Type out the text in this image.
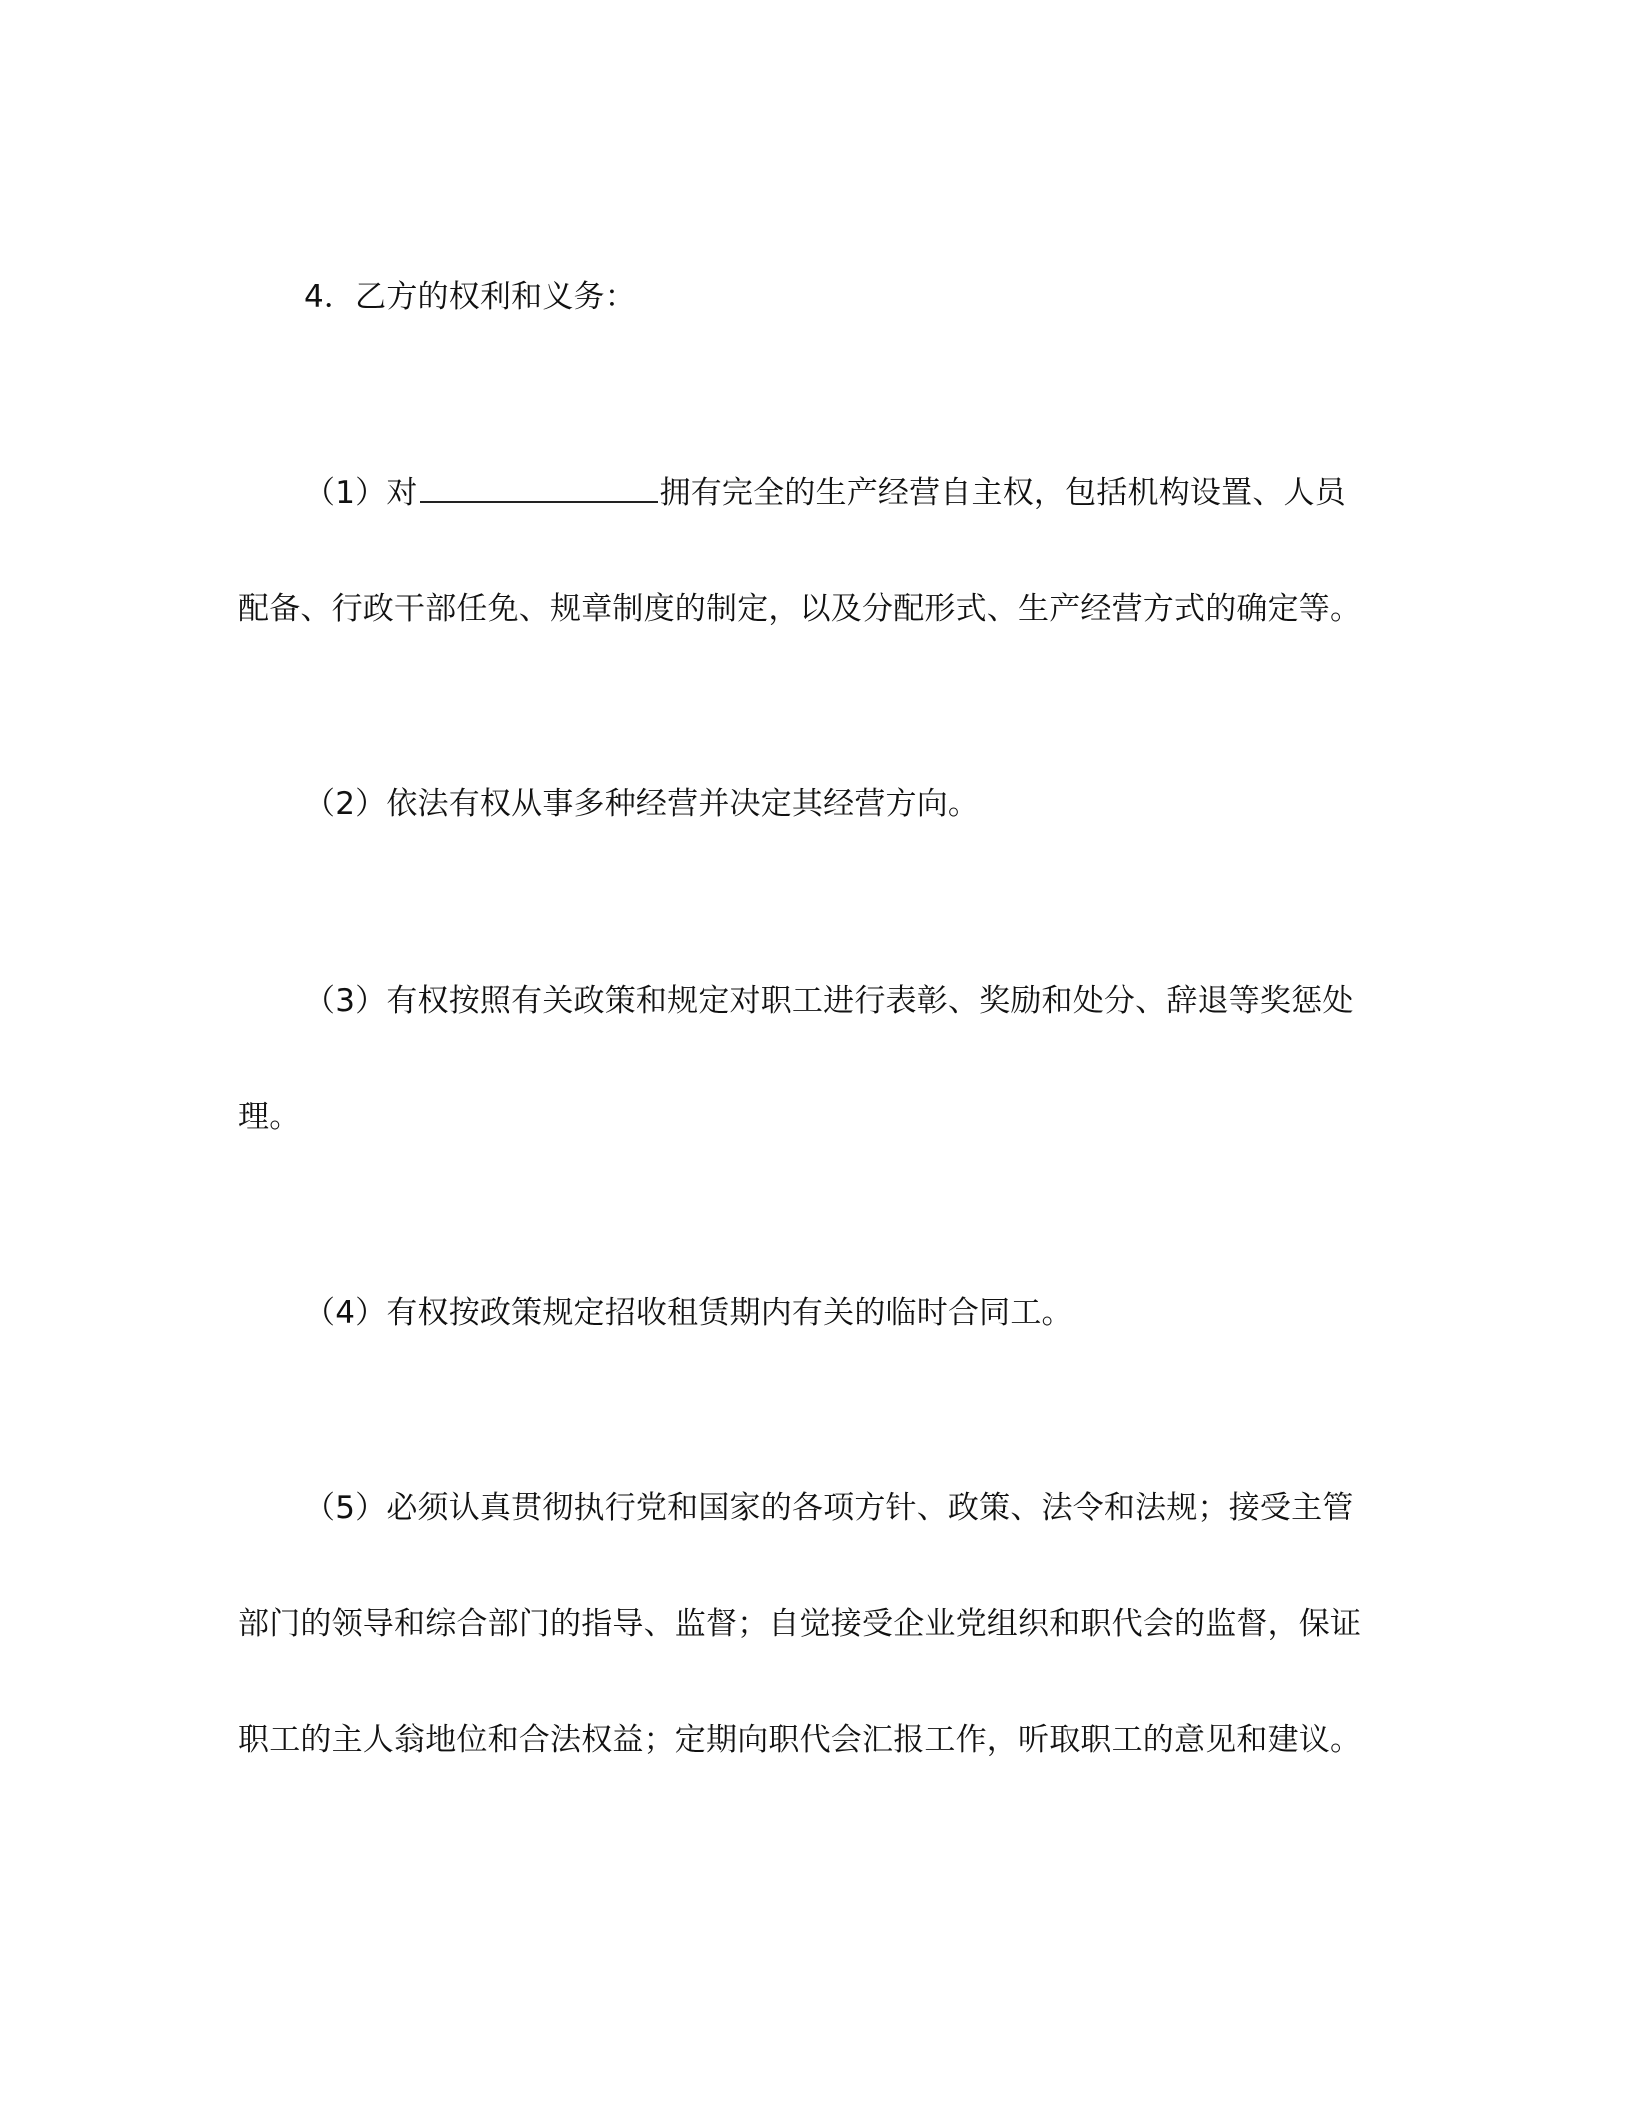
4．乙方的权利和义务：
（1）对	拥有完全的生产经营自主权，包括机构设置、人员
配备、行政干部任免、规章制度的制定，以及分配形式、生产经营方式的确定等。
（2）依法有权从事多种经营并决定其经营方向。
（3）有权按照有关政策和规定对职工进行表彰、奖励和处分、辞退等奖惩处
理。
（4）有权按政策规定招收租赁期内有关的临时合同工。
（5）必须认真贯彻执行党和国家的各项方针、政策、法令和法规；接受主管
部门的领导和综合部门的指导、监督；自觉接受企业党组织和职代会的监督，保证
职工的主人翁地位和合法权益；定期向职代会汇报工作，听取职工的意见和建议。
